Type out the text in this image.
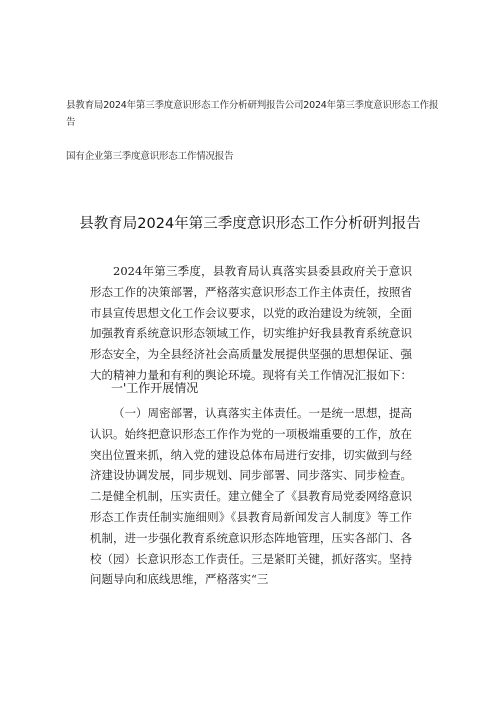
县教育局2024年第三季度意识形态工作分析研判报告公司2024年第三季度意识形态工作报告
国有企业第三季度意识形态工作情况报告
县教育局2024年第三季度意识形态工作分析研判报告

2024年第三季度，县教育局认真落实县委县政府关于意识形态工作的决策部署，严格落实意识形态工作主体责任，按照省市县宣传思想文化工作会议要求，以党的政治建设为统领，全面加强教育系统意识形态领域工作，切实维护好我县教育系统意识形态安全，为全县经济社会高质量发展提供坚强的思想保证、强大的精神力量和有利的舆论环境。现将有关工作情况汇报如下：

一'工作开展情况

（一）周密部署，认真落实主体责任。一是统一思想，提高认识。始终把意识形态工作作为党的一项极端重要的工作，放在突出位置来抓，纳入党的建设总体布局进行安排，切实做到与经济建设协调发展，同步规划、同步部署、同步落实、同步检查。二是健全机制，压实责任。建立健全了《县教育局党委网络意识形态工作责任制实施细则》《县教育局新闻发言人制度》等工作机制，进一步强化教育系统意识形态阵地管理，压实各部门、各校（园）长意识形态工作责任。三是紧盯关键，抓好落实。坚持问题导向和底线思维，严格落实“三
